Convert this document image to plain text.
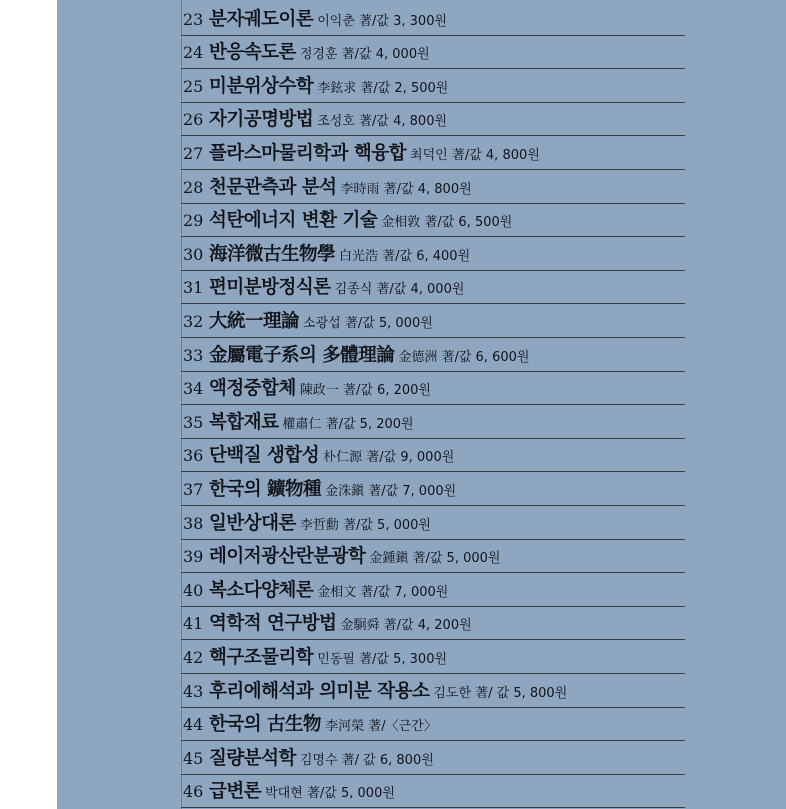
23 분자궤도이론 이익춘 著/값 3, 300원
24 반응속도론 정경훈 著/값 4, 000원
25 미분위상수학 李鉉求 著/값 2, 500원
26 자기공명방법 조성호 著/값 4, 800원
27 플라스마물리학과 핵융합 최덕인 著/값 4, 800원
28 천문관측과 분석 李時雨 著/값 4, 800원
29 석탄에너지 변환 기술 金相敦 著/값 6, 500원
30 海洋微古生物學 白光浩 著/값 6, 400원
31 편미분방정식론 김종식 著/값 4, 000원
32 大統一理論 소광섭 著/값 5, 000원
33 金屬電子系의 多體理論 金德洲 著/값 6, 600원
34 액정중합체 陳政一 著/값 6, 200원
35 복합재료 權肅仁 著/값 5, 200원
36 단백질 생합성 朴仁源 著/값 9, 000원
37 한국의 鑛物種 金洙鎭 著/값 7, 000원
38 일반상대론 李哲勳 著/값 5, 000원
39 레이저광산란분광학 金鍾鎭 著/값 5, 000원
40 복소다양체론 金相文 著/값 7, 000원
41 역학적 연구방법 金駉舜 著/값 4, 200원
42 핵구조물리학 민동필 著/값 5, 300원
43 후리에해석과 의미분 작용소 김도한 著/ 값 5, 800원
44 한국의 古生物 李河榮 著/〈근간〉
45 질량분석학 김명수 著/ 값 6, 800원
46 급변론 박대현 著/값 5, 000원
